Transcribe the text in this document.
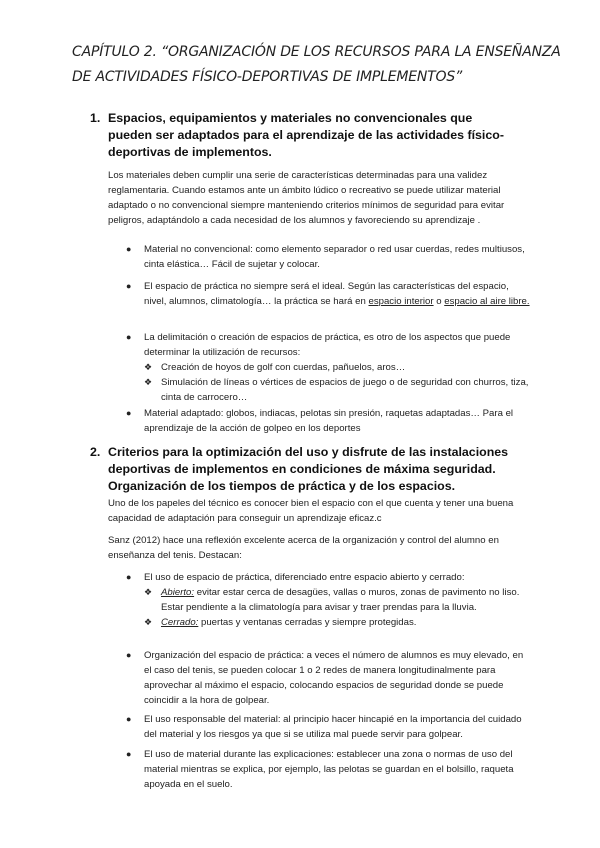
CAPÍTULO 2. “ORGANIZACIÓN DE LOS RECURSOS PARA LA ENSEÑANZA DE ACTIVIDADES FÍSICO-DEPORTIVAS DE IMPLEMENTOS”
1. Espacios, equipamientos y materiales no convencionales que pueden ser adaptados para el aprendizaje de las actividades físico-deportivas de implementos.
Los materiales deben cumplir una serie de características determinadas para una validez reglamentaria. Cuando estamos ante un ámbito lúdico o recreativo se puede utilizar material adaptado o no convencional siempre manteniendo criterios mínimos de seguridad para evitar peligros, adaptándolo a cada necesidad de los alumnos y favoreciendo su aprendizaje .
● Material no convencional: como elemento separador o red usar cuerdas, redes multiusos, cinta elástica… Fácil de sujetar y colocar.
● El espacio de práctica no siempre será el ideal. Según las características del espacio, nivel, alumnos, climatología… la práctica se hará en espacio interior o espacio al aire libre.
● La delimitación o creación de espacios de práctica, es otro de los aspectos que puede determinar la utilización de recursos:
❖ Creación de hoyos de golf con cuerdas, pañuelos, aros…
❖ Simulación de líneas o vértices de espacios de juego o de seguridad con churros, tiza, cinta de carrocero…
● Material adaptado: globos, indiacas, pelotas sin presión, raquetas adaptadas… Para el aprendizaje de la acción de golpeo en los deportes
2. Criterios para la optimización del uso y disfrute de las instalaciones deportivas de implementos en condiciones de máxima seguridad. Organización de los tiempos de práctica y de los espacios.
Uno de los papeles del técnico es conocer bien el espacio con el que cuenta y tener una buena capacidad de adaptación para conseguir un aprendizaje eficaz.c
Sanz (2012) hace una reflexión excelente acerca de la organización y control del alumno en enseñanza del tenis. Destacan:
● El uso de espacio de práctica, diferenciado entre espacio abierto y cerrado:
❖ Abierto: evitar estar cerca de desagües, vallas o muros, zonas de pavimento no liso. Estar pendiente a la climatología para avisar y traer prendas para la lluvia.
❖ Cerrado: puertas y ventanas cerradas y siempre protegidas.
● Organización del espacio de práctica: a veces el número de alumnos es muy elevado, en el caso del tenis, se pueden colocar 1 o 2 redes de manera longitudinalmente para aprovechar al máximo el espacio, colocando espacios de seguridad donde se puede coincidir a la hora de golpear.
● El uso responsable del material: al principio hacer hincapié en la importancia del cuidado del material y los riesgos ya que si se utiliza mal puede servir para golpear.
● El uso de material durante las explicaciones: establecer una zona o normas de uso del material mientras se explica, por ejemplo, las pelotas se guardan en el bolsillo, raqueta apoyada en el suelo.
